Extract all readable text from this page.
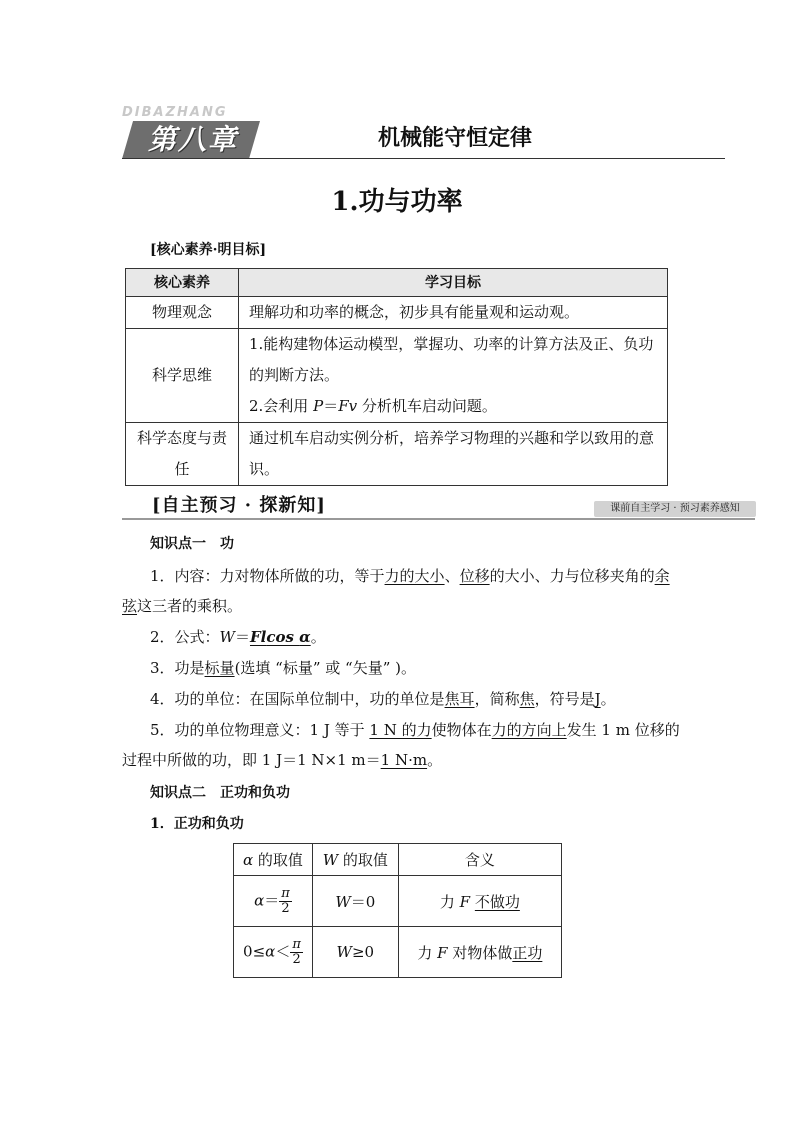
DIBAZHANG
第八章	机械能守恒定律
1.功与功率
[核心素养·明目标]
核心素养	学习目标
物理观念	理解功和功率的概念，初步具有能量观和运动观。
科学思维	1.能构建物体运动模型，掌握功、功率的计算方法及正、负功的判断方法。
2.会利用 P＝Fv 分析机车启动问题。

科学态度与责任	通过机车启动实例分析，培养学习物理的兴趣和学以致用的意识。
[自主预习 · 探新知]	课前自主学习 · 预习素养感知
知识点一　功
1．内容：力对物体所做的功，等于力的大小、位移的大小、力与位移夹角的余弦这三者的乘积。
2．公式：W＝Flcos α。
3．功是标量(选填 “标量” 或 “矢量” )。
4．功的单位：在国际单位制中，功的单位是焦耳，简称焦，符号是J。
5．功的单位物理意义：1 J 等于 1 N 的力使物体在力的方向上发生 1 m 位移的过程中所做的功，即 1 J＝1 N×1 m＝1 N·m。
知识点二　正功和负功
1．正功和负功
α 的取值	W 的取值	含义
$\alpha= \frac{\pi}{2}$	W＝0	力 F 不做功
$0\le\alpha< \frac{\pi}{2}$	W≥0	力 F 对物体做正功
